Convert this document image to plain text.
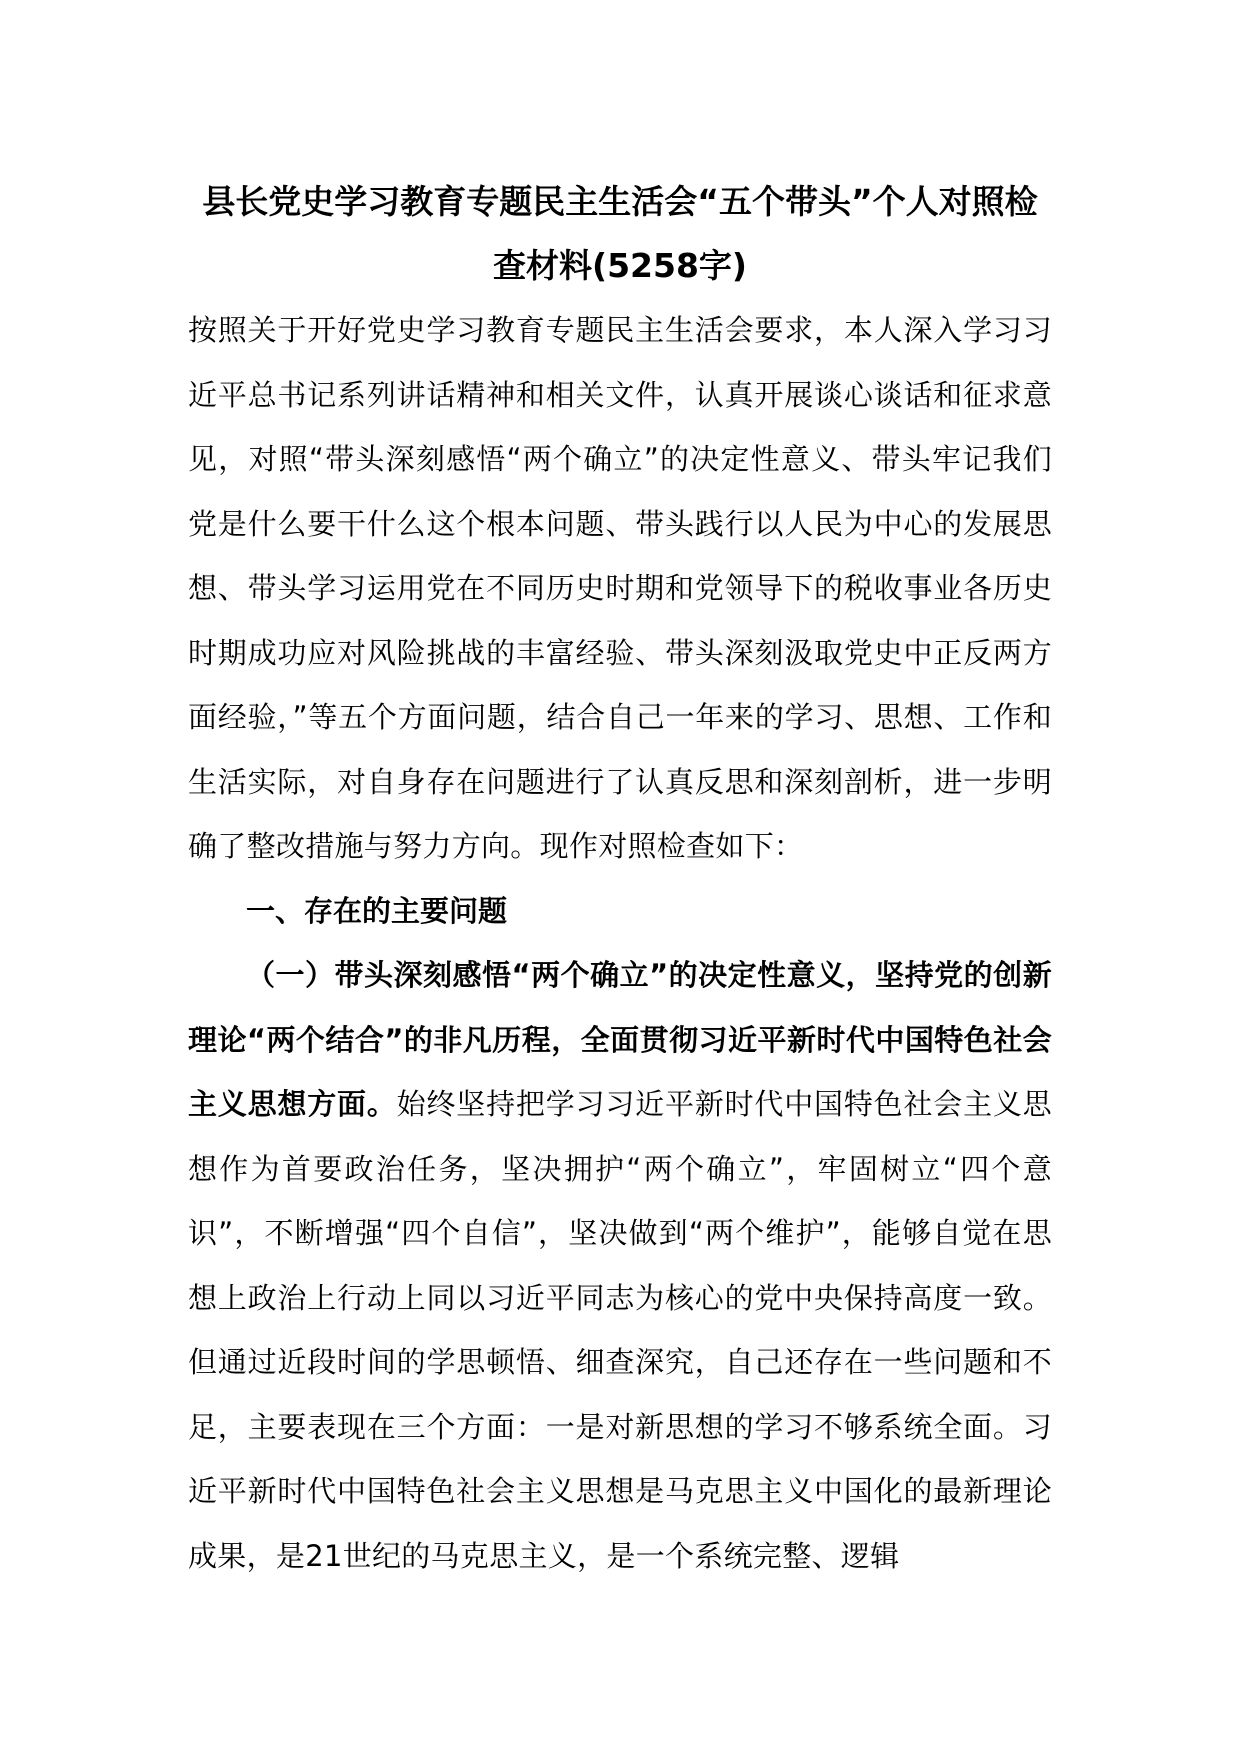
县长党史学习教育专题民主生活会“五个带头”个人对照检查材料(5258字)

按照关于开好党史学习教育专题民主生活会要求，本人深入学习习近平总书记系列讲话精神和相关文件，认真开展谈心谈话和征求意见，对照“带头深刻感悟“两个确立”的决定性意义、带头牢记我们党是什么要干什么这个根本问题、带头践行以人民为中心的发展思想、带头学习运用党在不同历史时期和党领导下的税收事业各历史时期成功应对风险挑战的丰富经验、带头深刻汲取党史中正反两方面经验，”等五个方面问题，结合自己一年来的学习、思想、工作和生活实际，对自身存在问题进行了认真反思和深刻剖析，进一步明确了整改措施与努力方向。现作对照检查如下：

一、存在的主要问题

（一）带头深刻感悟“两个确立”的决定性意义，坚持党的创新理论“两个结合”的非凡历程，全面贯彻习近平新时代中国特色社会主义思想方面。始终坚持把学习习近平新时代中国特色社会主义思想作为首要政治任务，坚决拥护“两个确立”，牢固树立“四个意识”，不断增强“四个自信”，坚决做到“两个维护”，能够自觉在思想上政治上行动上同以习近平同志为核心的党中央保持高度一致。但通过近段时间的学思顿悟、细查深究，自己还存在一些问题和不足，主要表现在三个方面：一是对新思想的学习不够系统全面。习近平新时代中国特色社会主义思想是马克思主义中国化的最新理论成果，是21世纪的马克思主义，是一个系统完整、逻辑
